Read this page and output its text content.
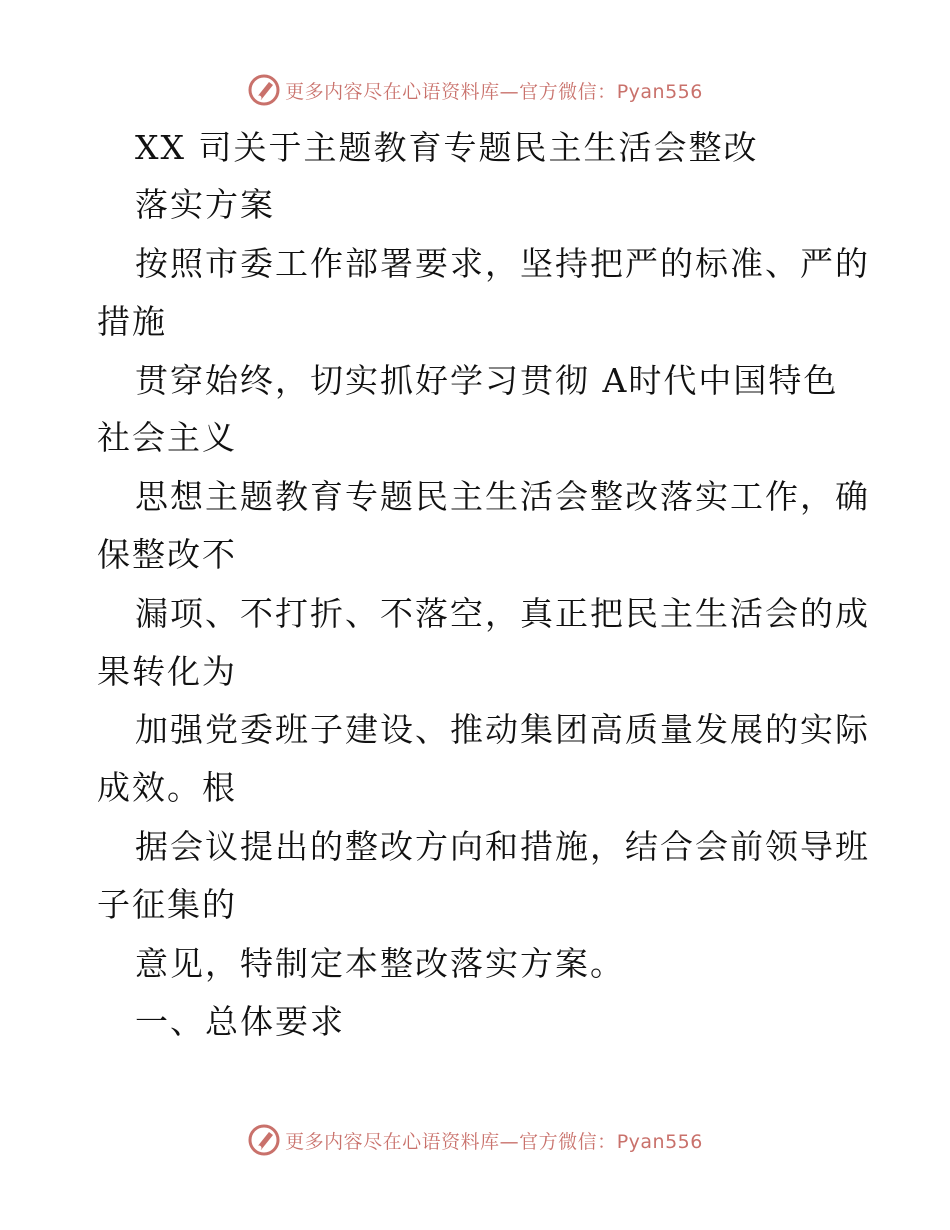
更多内容尽在心语资料库—官方微信：Pyan556
XX 司关于主题教育专题民主生活会整改
落实方案
按照市委工作部署要求，坚持把严的标准、严的
措施
贯穿始终，切实抓好学习贯彻 A时代中国特色
社会主义
思想主题教育专题民主生活会整改落实工作，确
保整改不
漏项、不打折、不落空，真正把民主生活会的成
果转化为
加强党委班子建设、推动集团高质量发展的实际
成效。根
据会议提出的整改方向和措施，结合会前领导班
子征集的
意见，特制定本整改落实方案。
一、总体要求
更多内容尽在心语资料库—官方微信：Pyan556
